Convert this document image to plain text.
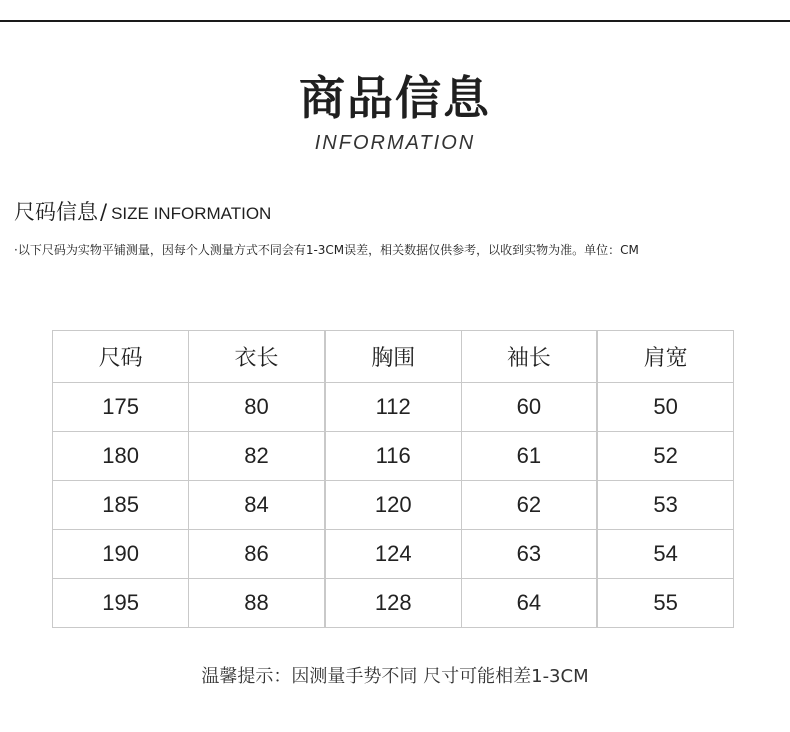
商品信息
INFORMATION
尺码信息/ SIZE INFORMATION
·以下尺码为实物平铺测量，因每个人测量方式不同会有1-3CM误差，相关数据仅供参考，以收到实物为准。单位：CM
尺码	衣长	胸围	袖长	肩宽
175	80	112	60	50
180	82	116	61	52
185	84	120	62	53
190	86	124	63	54
195	88	128	64	55
温馨提示：因测量手势不同 尺寸可能相差1-3CM
